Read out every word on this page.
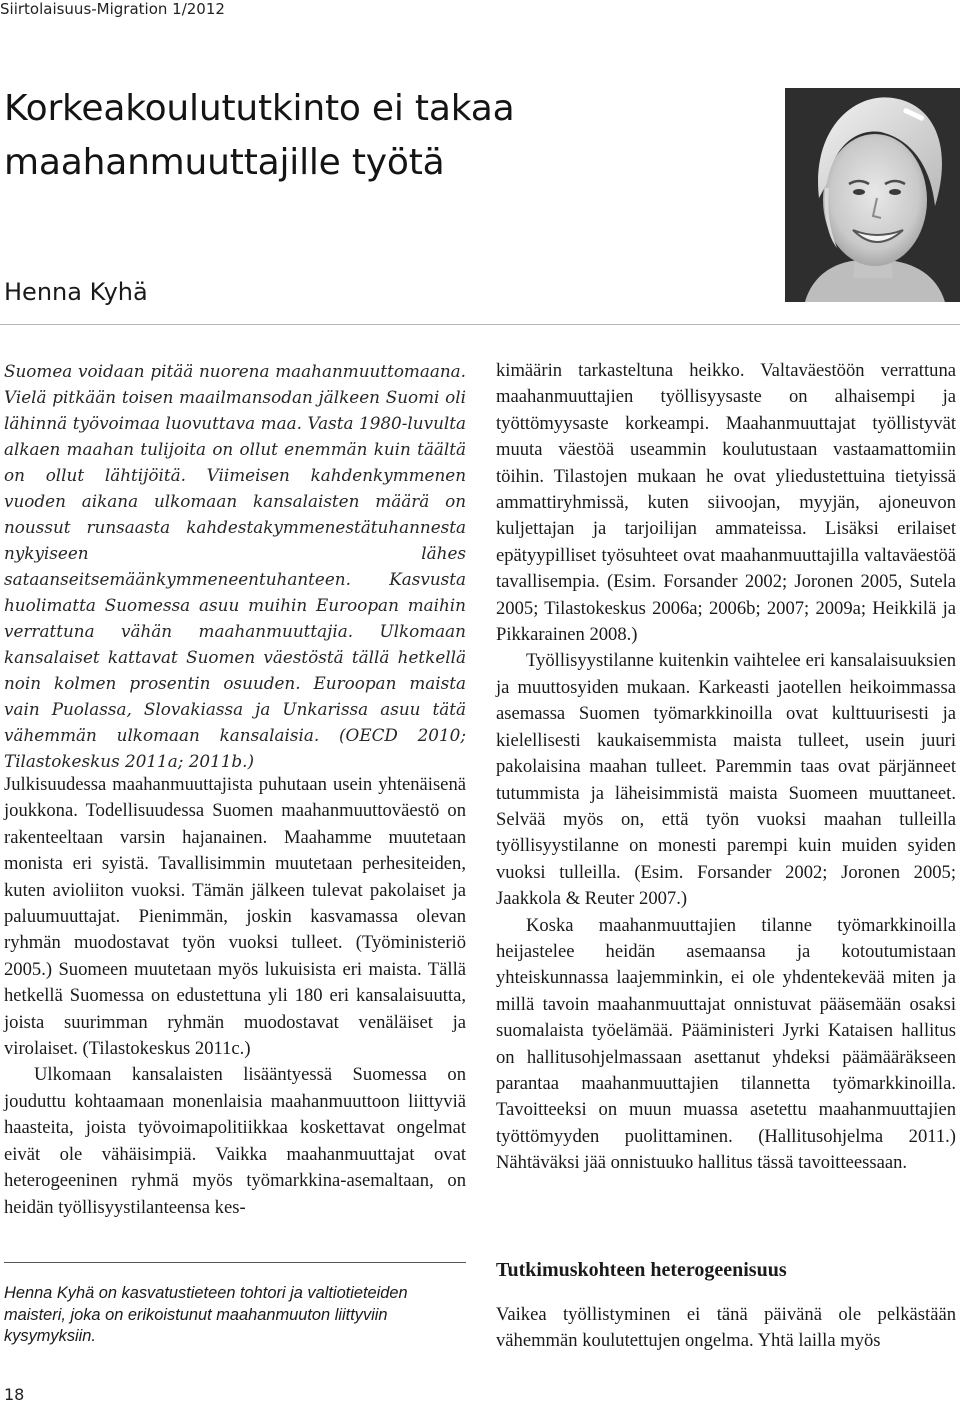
Siirtolaisuus-Migration 1/2012
Korkeakoulututkinto ei takaa maahanmuuttajille työtä
Henna Kyhä

Suomea voidaan pitää nuorena maahanmuuttomaana. Vielä pitkään toisen maailmansodan jälkeen Suomi oli lähinnä työvoimaa luovuttava maa. Vasta 1980-luvulta alkaen maahan tulijoita on ollut enemmän kuin täältä on ollut lähtijöitä. Viimeisen kahdenkymmenen vuoden aikana ulkomaan kansalaisten määrä on noussut runsaasta kahdestakymmenestätuhannesta nykyiseen lähes sataanseitsemäänkymmeneentuhanteen. Kasvusta huolimatta Suomessa asuu muihin Euroopan maihin verrattuna vähän maahanmuuttajia. Ulkomaan kansalaiset kattavat Suomen väestöstä tällä hetkellä noin kolmen prosentin osuuden. Euroopan maista vain Puolassa, Slovakiassa ja Unkarissa asuu tätä vähemmän ulkomaan kansalaisia. (OECD 2010; Tilastokeskus 2011a; 2011b.)

Julkisuudessa maahanmuuttajista puhutaan usein yhtenäisenä joukkona. Todellisuudessa Suomen maahanmuuttoväestö on rakenteeltaan varsin hajanainen. Maahamme muutetaan monista eri syistä. Tavallisimmin muutetaan perhesiteiden, kuten avioliiton vuoksi. Tämän jälkeen tulevat pakolaiset ja paluumuuttajat. Pienimmän, joskin kasvamassa olevan ryhmän muodostavat työn vuoksi tulleet. (Työministeriö 2005.) Suomeen muutetaan myös lukuisista eri maista. Tällä hetkellä Suomessa on edustettuna yli 180 eri kansalaisuutta, joista suurimman ryhmän muodostavat venäläiset ja virolaiset. (Tilastokeskus 2011c.)

Ulkomaan kansalaisten lisääntyessä Suomessa on jouduttu kohtaamaan monenlaisia maahanmuuttoon liittyviä haasteita, joista työvoimapolitiikkaa koskettavat ongelmat eivät ole vähäisimpiä. Vaikka maahanmuuttajat ovat heterogeeninen ryhmä myös työmarkkina-asemaltaan, on heidän työllisyystilanteensa kes-

kimäärin tarkasteltuna heikko. Valtaväestöön verrattuna maahanmuuttajien työllisyysaste on alhaisempi ja työttömyysaste korkeampi. Maahanmuuttajat työllistyvät muuta väestöä useammin koulutustaan vastaamattomiin töihin. Tilastojen mukaan he ovat yliedustettuina tietyissä ammattiryhmissä, kuten siivoojan, myyjän, ajoneuvon kuljettajan ja tarjoilijan ammateissa. Lisäksi erilaiset epätyypilliset työsuhteet ovat maahanmuuttajilla valtaväestöä tavallisempia. (Esim. Forsander 2002; Joronen 2005, Sutela 2005; Tilastokeskus 2006a; 2006b; 2007; 2009a; Heikkilä ja Pikkarainen 2008.)

Työllisyystilanne kuitenkin vaihtelee eri kansalaisuuksien ja muuttosyiden mukaan. Karkeasti jaotellen heikoimmassa asemassa Suomen työmarkkinoilla ovat kulttuurisesti ja kielellisesti kaukaisemmista maista tulleet, usein juuri pakolaisina maahan tulleet. Paremmin taas ovat pärjänneet tutummista ja läheisimmistä maista Suomeen muuttaneet. Selvää myös on, että työn vuoksi maahan tulleilla työllisyystilanne on monesti parempi kuin muiden syiden vuoksi tulleilla. (Esim. Forsander 2002; Joronen 2005; Jaakkola & Reuter 2007.)

Koska maahanmuuttajien tilanne työmarkkinoilla heijastelee heidän asemaansa ja kotoutumistaan yhteiskunnassa laajemminkin, ei ole yhdentekevää miten ja millä tavoin maahanmuuttajat onnistuvat pääsemään osaksi suomalaista työelämää. Pääministeri Jyrki Kataisen hallitus on hallitusohjelmassaan asettanut yhdeksi päämääräkseen parantaa maahanmuuttajien tilannetta työmarkkinoilla. Tavoitteeksi on muun muassa asetettu maahanmuuttajien työttömyyden puolittaminen. (Hallitusohjelma 2011.) Nähtäväksi jää onnistuuko hallitus tässä tavoitteessaan.

Tutkimuskohteen heterogeenisuus

Vaikea työllistyminen ei tänä päivänä ole pelkästään vähemmän koulutettujen ongelma. Yhtä lailla myös

Henna Kyhä on kasvatustieteen tohtori ja valtiotieteiden maisteri, joka on erikoistunut maahanmuuton liittyviin kysymyksiin.

18
